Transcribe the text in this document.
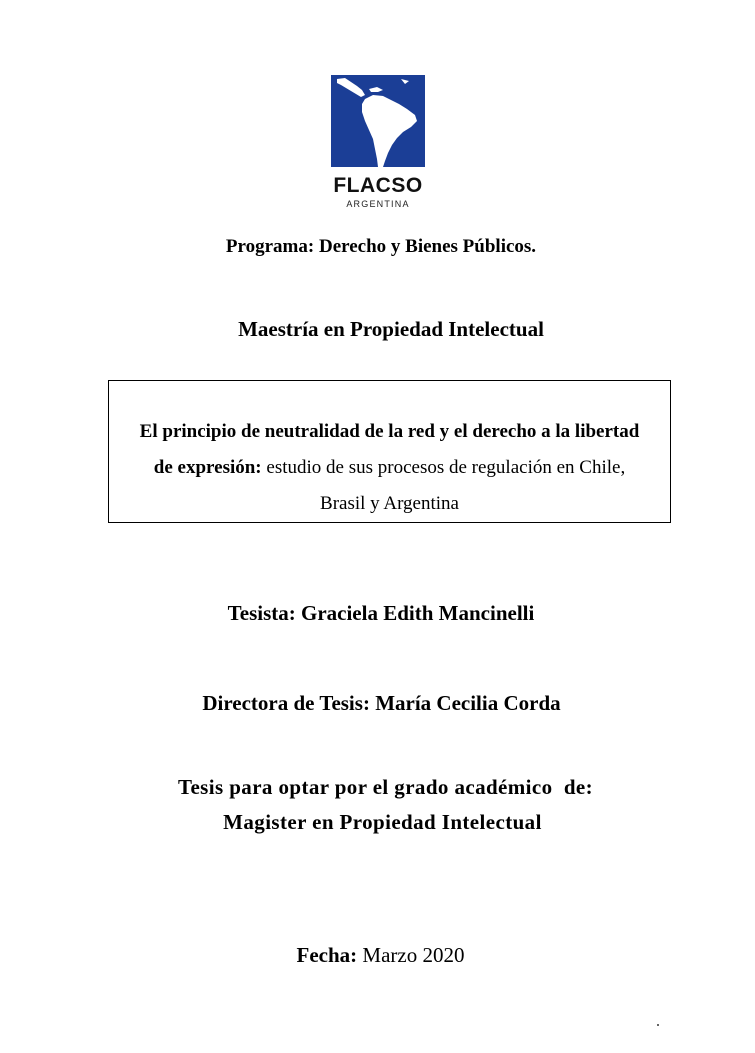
FLACSO
ARGENTINA
Programa: Derecho y Bienes Públicos.
Maestría en Propiedad Intelectual
El principio de neutralidad de la red y el derecho a la libertad
de expresión: estudio de sus procesos de regulación en Chile,
Brasil y Argentina
Tesista: Graciela Edith Mancinelli
Directora de Tesis: María Cecilia Corda
Tesis para optar por el grado académico  de:
Magister en Propiedad Intelectual
Fecha: Marzo 2020
